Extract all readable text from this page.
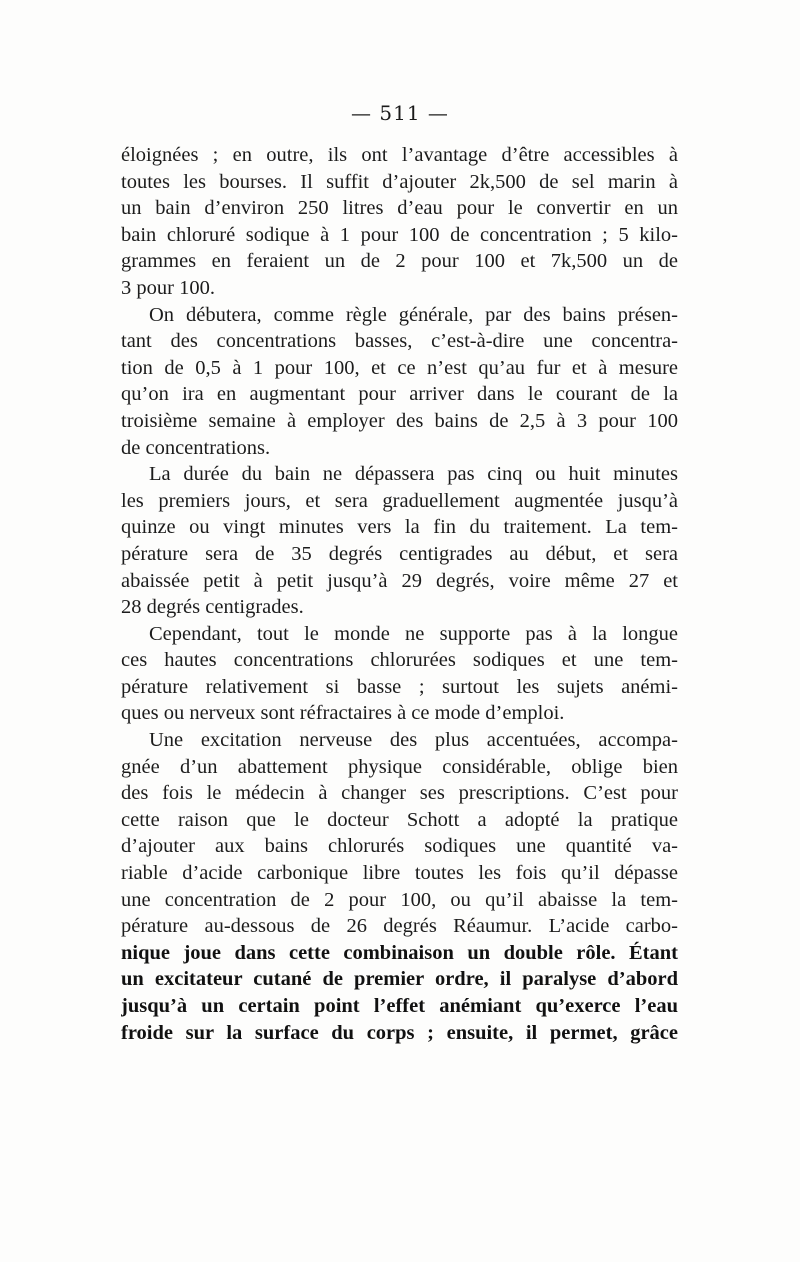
— 511 —
éloignées ; en outre, ils ont l’avantage d’être accessibles à
toutes les bourses. Il suffit d’ajouter 2k,500 de sel marin à
un bain d’environ 250 litres d’eau pour le convertir en un
bain chloruré sodique à 1 pour 100 de concentration ; 5 kilo-
grammes en feraient un de 2 pour 100 et 7k,500 un de
3 pour 100.
On débutera, comme règle générale, par des bains présen-
tant des concentrations basses, c’est-à-dire une concentra-
tion de 0,5 à 1 pour 100, et ce n’est qu’au fur et à mesure
qu’on ira en augmentant pour arriver dans le courant de la
troisième semaine à employer des bains de 2,5 à 3 pour 100
de concentrations.
La durée du bain ne dépassera pas cinq ou huit minutes
les premiers jours, et sera graduellement augmentée jusqu’à
quinze ou vingt minutes vers la fin du traitement. La tem-
pérature sera de 35 degrés centigrades au début, et sera
abaissée petit à petit jusqu’à 29 degrés, voire même 27 et
28 degrés centigrades.
Cependant, tout le monde ne supporte pas à la longue
ces hautes concentrations chlorurées sodiques et une tem-
pérature relativement si basse ; surtout les sujets anémi-
ques ou nerveux sont réfractaires à ce mode d’emploi.
Une excitation nerveuse des plus accentuées, accompa-
gnée d’un abattement physique considérable, oblige bien
des fois le médecin à changer ses prescriptions. C’est pour
cette raison que le docteur Schott a adopté la pratique
d’ajouter aux bains chlorurés sodiques une quantité va-
riable d’acide carbonique libre toutes les fois qu’il dépasse
une concentration de 2 pour 100, ou qu’il abaisse la tem-
pérature au-dessous de 26 degrés Réaumur. L’acide carbo-
nique joue dans cette combinaison un double rôle. Étant
un excitateur cutané de premier ordre, il paralyse d’abord
jusqu’à un certain point l’effet anémiant qu’exerce l’eau
froide sur la surface du corps ; ensuite, il permet, grâce
